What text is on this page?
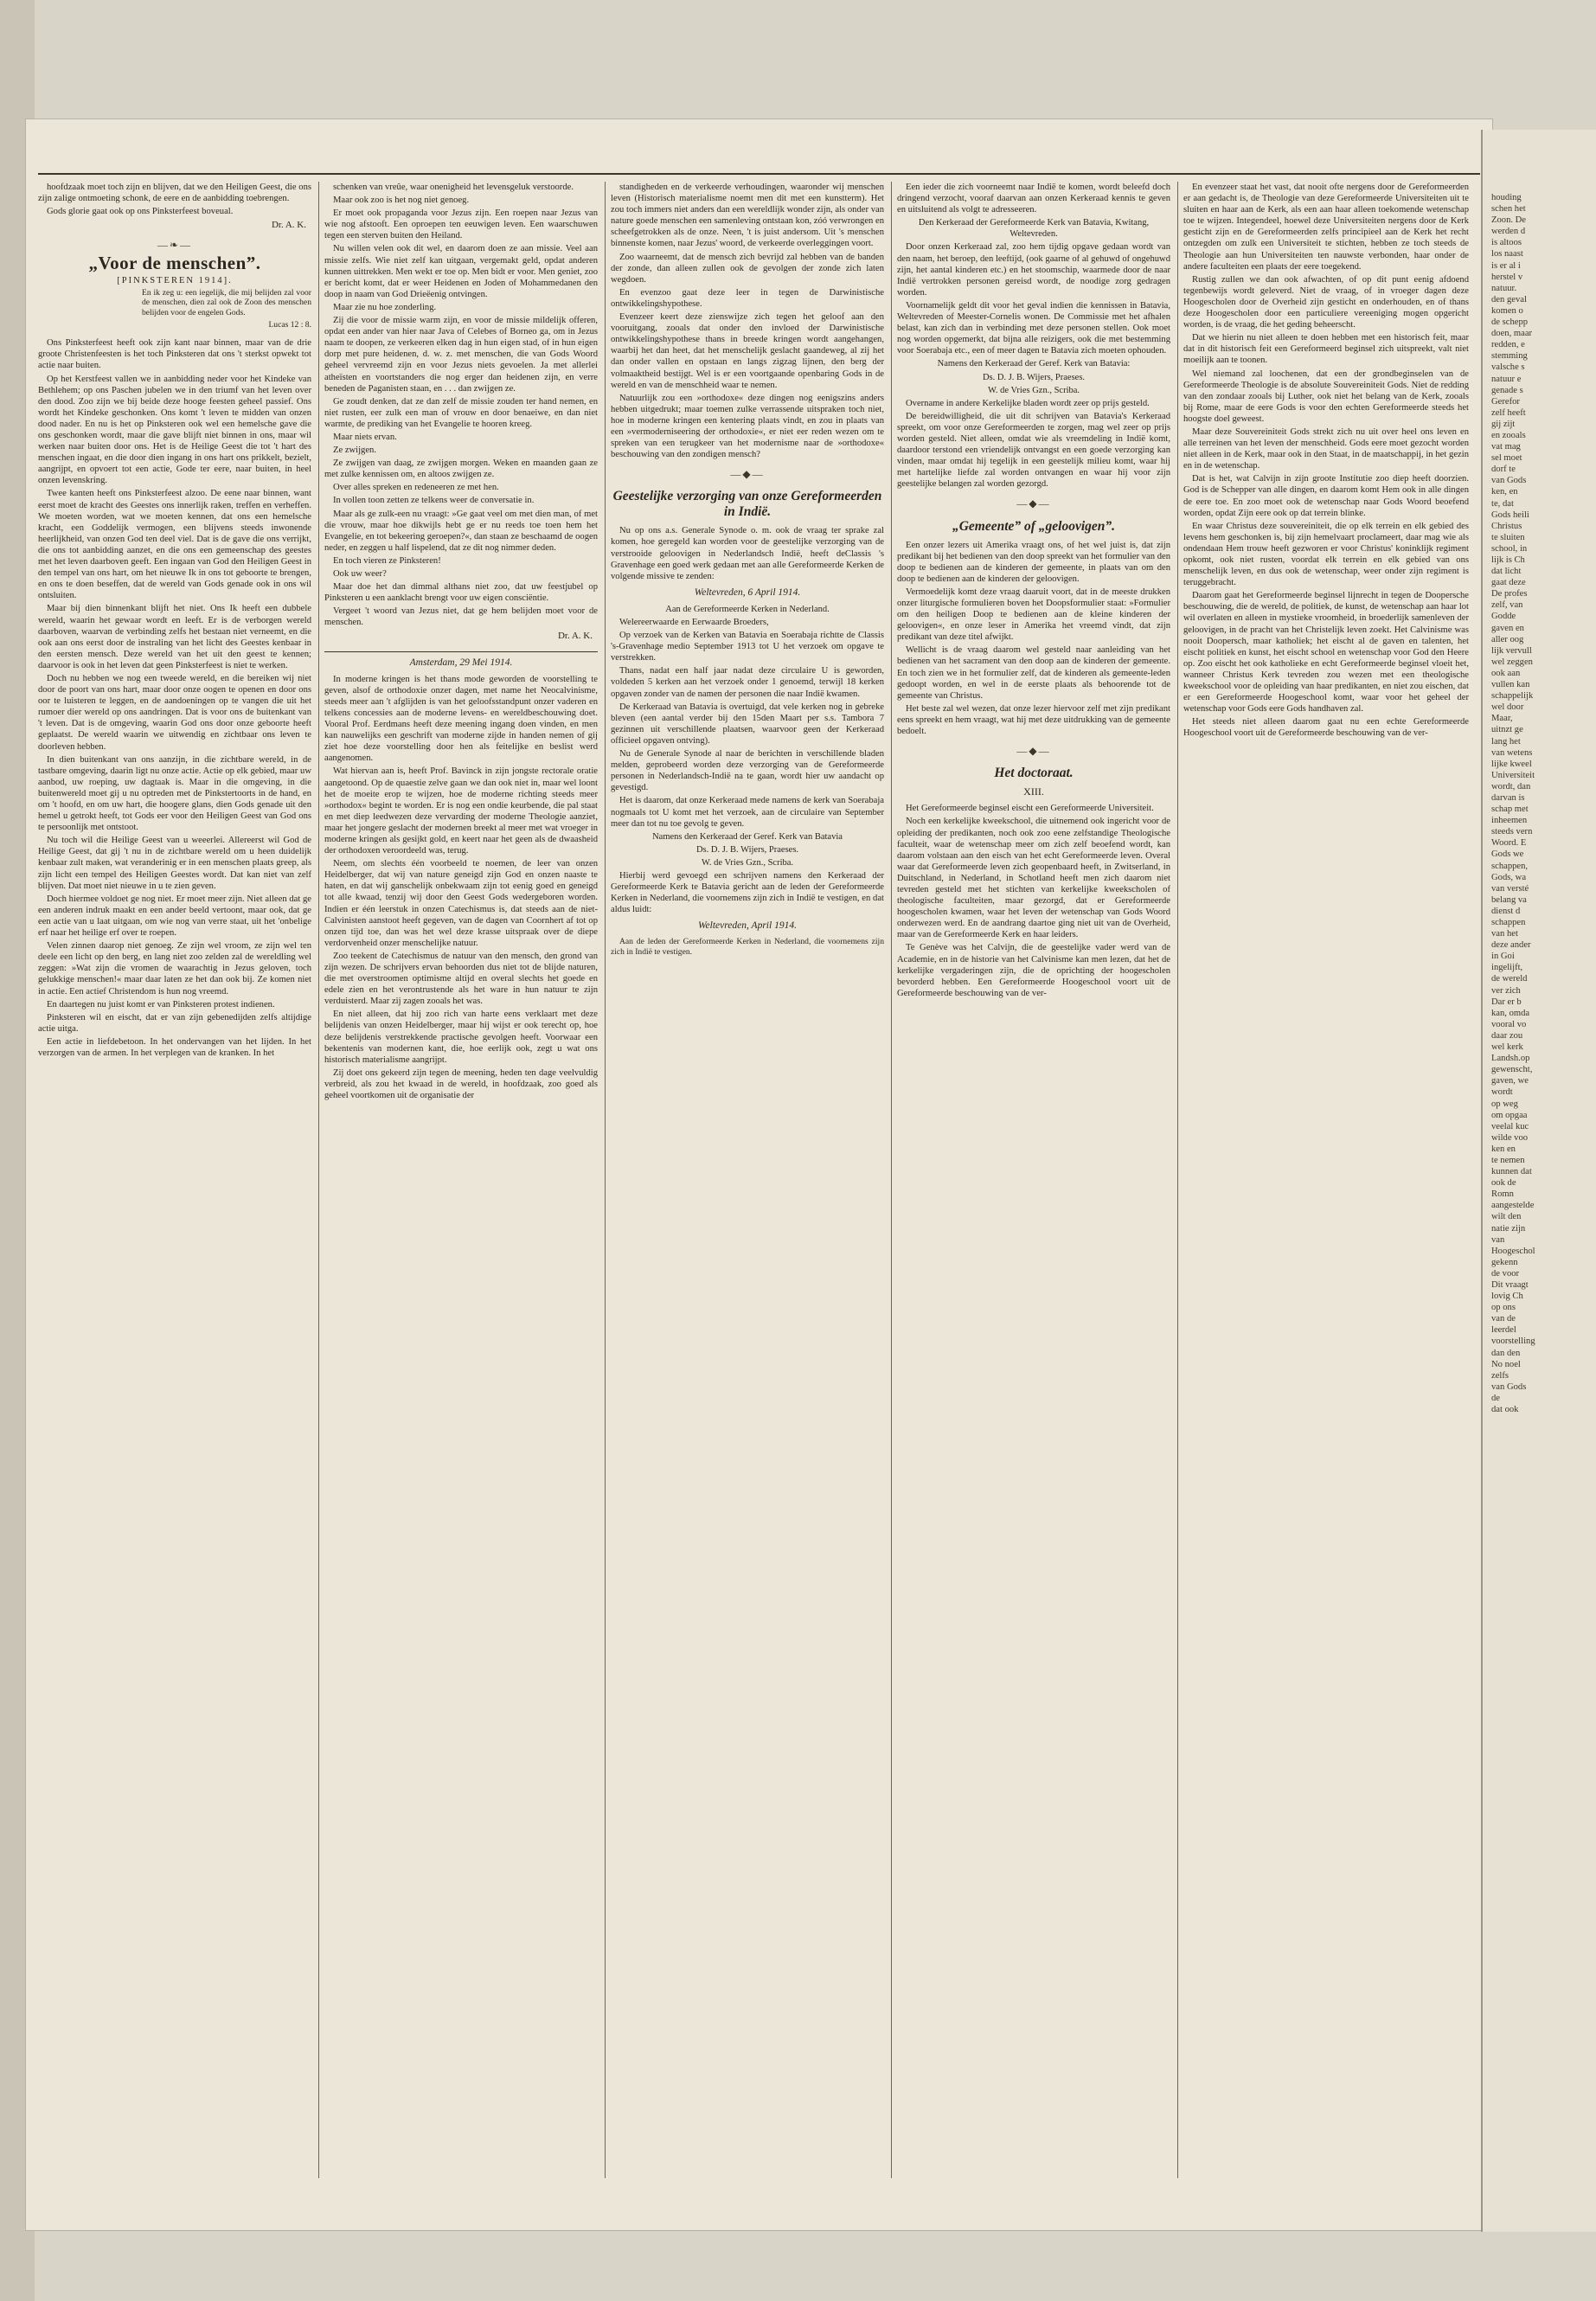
hoofdzaak moet toch zijn en blijven, dat we den Heiligen Geest, die ons zijn zalige ontmoeting schonk, de eere en de aanbidding toebrengen.

Gods glorie gaat ook op ons Pinksterfeest boveual.

Dr. A. K.

—❧—
„Voor de menschen”.

[PINKSTEREN 1914].

En ik zeg u: een iegelijk, die mij belijden zal voor de menschen, dien zal ook de Zoon des menschen belijden voor de engelen Gods.

Lucas 12 : 8.

Ons Pinksterfeest heeft ook zijn kant naar binnen, maar van de drie groote Christenfeesten is het toch Pinksteren dat ons 't sterkst opwekt tot actie naar buiten.

Op het Kerstfeest vallen we in aanbidding neder voor het Kindeke van Bethlehem; op ons Paschen jubelen we in den triumf van het leven over den dood. Zoo zijn we bij beide deze hooge feesten geheel passief. Ons wordt het Kindeke geschonken. Ons komt 't leven te midden van onzen dood nader. En nu is het op Pinksteren ook wel een hemelsche gave die ons geschonken wordt, maar die gave blijft niet binnen in ons, maar wil werken naar buiten door ons. Het is de Heilige Geest die tot 't hart des menschen ingaat, en die door dien ingang in ons hart ons prikkelt, bezielt, aangrijpt, en opvoert tot een actie, Gode ter eere, naar buiten, in heel onzen levenskring.

Twee kanten heeft ons Pinksterfeest alzoo. De eene naar binnen, want eerst moet de kracht des Geestes ons innerlijk raken, treffen en verheffen. We moeten worden, wat we moeten kennen, dat ons een hemelsche kracht, een Goddelijk vermogen, een blijvens steeds inwonende heerlijkheid, van onzen God ten deel viel. Dat is de gave die ons verrijkt, die ons tot aanbidding aanzet, en die ons een gemeenschap des geestes met het leven daarboven geeft. Een ingaan van God den Heiligen Geest in den tempel van ons hart, om het nieuwe Ik in ons tot geboorte te brengen, en ons te doen beseffen, dat de wereld van Gods genade ook in ons wil ontsluiten.

Maar bij dien binnenkant blijft het niet. Ons Ik heeft een dubbele wereld, waarin het gewaar wordt en leeft. Er is de verborgen wereld daarboven, waarvan de verbinding zelfs het bestaan niet verneemt, en die ook aan ons eerst door de instraling van het licht des Geestes kenbaar in den eersten mensch. Deze wereld van het uit den geest te kennen; daarvoor is ook in het leven dat geen Pinksterfeest is niet te werken.

Doch nu hebben we nog een tweede wereld, en die bereiken wij niet door de poort van ons hart, maar door onze oogen te openen en door ons oor te luisteren te leggen, en de aandoeningen op te vangen die uit het rumoer dier wereld op ons aandringen. Dat is voor ons de buitenkant van 't leven. Dat is de omgeving, waarin God ons door onze geboorte heeft geplaatst. De wereld waarin we uitwendig en zichtbaar ons leven te doorleven hebben.

In dien buitenkant van ons aanzijn, in die zichtbare wereld, in de tastbare omgeving, daarin ligt nu onze actie. Actie op elk gebied, maar uw aanbod, uw roeping, uw dagtaak is. Maar in die omgeving, in die buitenwereld moet gij u nu optreden met de Pinkstertoorts in de hand, en om 't hoofd, en om uw hart, die hoogere glans, dien Gods genade uit den hemel u getrokt heeft, tot Gods eer voor den Heiligen Geest van God ons te persoonlijk met ontstoot.

Nu toch wil die Heilige Geest van u weeerlei. Allereerst wil God de Heilige Geest, dat gij 't nu in de zichtbare wereld om u heen duidelijk kenbaar zult maken, wat veranderinig er in een menschen plaats greep, als zijn licht een tempel des Heiligen Geestes wordt. Dat kan niet van zelf blijven. Dat moet niet nieuwe in u te zien geven.

Doch hiermee voldoet ge nog niet. Er moet meer zijn. Niet alleen dat ge een anderen indruk maakt en een ander beeld vertoont, maar ook, dat ge een actie van u laat uitgaan, om wie nog van verre staat, uit het 'onbelige erf naar het heilige erf over te roepen.

Velen zinnen daarop niet genoeg. Ze zijn wel vroom, ze zijn wel ten deele een licht op den berg, en lang niet zoo zelden zal de wereldling wel zeggen: »Wat zijn die vromen de waarachtig in Jezus geloven, toch gelukkige menschen!« maar daar laten ze het dan ook bij. Ze komen niet in actie. Een actief Christendom is hun nog vreemd.

En daartegen nu juist komt er van Pinksteren protest indienen.

Pinksteren wil en eischt, dat er van zijn gebenedijden zelfs altijdige actie uitga.

Een actie in liefdebetoon. In het ondervangen van het lijden. In het verzorgen van de armen. In het verplegen van de kranken. In het

schenken van vreûe, waar onenigheid het levensgeluk verstoorde.

Maar ook zoo is het nog niet genoeg.

Er moet ook propaganda voor Jezus zijn. Een roepen naar Jezus van wie nog afstooft. Een oproepen ten eeuwigen leven. Een waarschuwen tegen een sterven buiten den Heiland.

Nu willen velen ook dit wel, en daarom doen ze aan missie. Veel aan missie zelfs. Wie niet zelf kan uitgaan, vergemakt geld, opdat anderen kunnen uittrekken. Men wekt er toe op. Men bidt er voor. Men geniet, zoo er bericht komt, dat er weer Heidenen en Joden of Mohammedanen den doop in naam van God Drieëenig ontvingen.

Maar zie nu hoe zonderling.

Zij die voor de missie warm zijn, en voor de missie mildelijk offeren, opdat een ander van hier naar Java of Celebes of Borneo ga, om in Jezus naam te doopen, ze verkeeren elken dag in hun eigen stad, of in hun eigen dorp met pure heidenen, d. w. z. met menschen, die van Gods Woord geheel vervreemd zijn en voor Jezus niets gevoelen. Ja met allerlei atheïsten en voortstanders die nog erger dan heidenen zijn, en verre beneden de Paganisten staan, en . . . dan zwijgen ze.

Ge zoudt denken, dat ze dan zelf de missie zouden ter hand nemen, en niet rusten, eer zulk een man of vrouw en door benaeiwe, en dan niet warmte, de prediking van het Evangelie te hooren kreeg.

Maar niets ervan.

Ze zwijgen.

Ze zwijgen van daag, ze zwijgen morgen. Weken en maanden gaan ze met zulke kennissen om, en altoos zwijgen ze.

Over alles spreken en redeneeren ze met hen.

In vollen toon zetten ze telkens weer de conversatie in.

Maar als ge zulk-een nu vraagt: »Ge gaat veel om met dien man, of met die vrouw, maar hoe dikwijls hebt ge er nu reeds toe toen hem het Evangelie, en tot bekeering geroepen?«, dan staan ze beschaamd de oogen neder, en zeggen u half lispelend, dat ze dit nog nimmer deden.

En toch vieren ze Pinksteren!

Ook uw weer?

Maar doe het dan dimmal althans niet zoo, dat uw feestjubel op Pinksteren u een aanklacht brengt voor uw eigen consciëntie.

Vergeet 't woord van Jezus niet, dat ge hem belijden moet voor de menschen.

Dr. A. K.

Amsterdam, 29 Mei 1914.

In moderne kringen is het thans mode geworden de voorstelling te geven, alsof de orthodoxie onzer dagen, met name het Neocalvinisme, steeds meer aan 't afglijden is van het geloofsstandpunt onzer vaderen en telkens concessies aan de moderne levens- en wereldbeschouwing doet. Vooral Prof. Eerdmans heeft deze meening ingang doen vinden, en men kan nauwelijks een geschrift van moderne zijde in handen nemen of gij ziet hoe deze voorstelling door hen als feitelijke en beslist werd aangenomen.

Wat hiervan aan is, heeft Prof. Bavinck in zijn jongste rectorale oratie aangetoond. Op de quaestie zelve gaan we dan ook niet in, maar wel loont het de moeite erop te wijzen, hoe de moderne richting steeds meer »orthodox« begint te worden. Er is nog een ondie keurbende, die pal staat en met diep leedwezen deze vervarding der moderne Theologie aanziet, maar het jongere geslacht der modernen breekt al meer met wat vroeger in moderne kringen als gesijkt gold, en keert naar het geen als de dwaasheid der orthodoxen veroordeeld was, terug.

Neem, om slechts één voorbeeld te noemen, de leer van onzen Heidelberger, dat wij van nature geneigd zijn God en onzen naaste te haten, en dat wij ganschelijk onbekwaam zijn tot eenig goed en geneigd tot alle kwaad, tenzij wij door den Geest Gods wedergeboren worden. Indien er één leerstuk in onzen Catechismus is, dat steeds aan de niet-Calvinisten aanstoot heeft gegeven, van de dagen van Coornhert af tot op onzen tijd toe, dan was het wel deze krasse uitspraak over de diepe verdorvenheid onzer menschelijke natuur.

Zoo teekent de Catechismus de natuur van den mensch, den grond van zijn wezen. De schrijvers ervan behoorden dus niet tot de blijde naturen, die met overstroomen optimisme altijd en overal slechts het goede en edele zien en het verontrustende als het ware in hun natuur te zijn verduisterd. Maar zij zagen zooals het was.

En niet alleen, dat hij zoo rich van harte eens verklaart met deze belijdenis van onzen Heidelberger, maar hij wijst er ook terecht op, hoe deze belijdenis verstrekkende practische gevolgen heeft. Voorwaar een bekentenis van modernen kant, die, hoe eerlijk ook, zegt u wat ons historisch materialisme aangrijpt.

Zij doet ons gekeerd zijn tegen de meening, heden ten dage veelvuldig verbreid, als zou het kwaad in de wereld, in hoofdzaak, zoo goed als geheel voortkomen uit de organisatie der

standigheden en de verkeerde verhoudingen, waaronder wij menschen leven (Historisch materialisme noemt men dit met een kunstterm). Het zou toch immers niet anders dan een wereldlijk wonder zijn, als onder van nature goede menschen een samenleving ontstaan kon, zóó verwrongen en scheefgetrokken als de onze. Neen, 't is juist andersom. Uit 's menschen binnenste komen, naar Jezus' woord, de verkeerde overleggingen voort.

Zoo waarneemt, dat de mensch zich bevrijd zal hebben van de banden der zonde, dan alleen zullen ook de gevolgen der zonde zich laten wegdoen.

En evenzoo gaat deze leer in tegen de Darwinistische ontwikkelingshypothese.

Evenzeer keert deze zienswijze zich tegen het geloof aan den vooruitgang, zooals dat onder den invloed der Darwinistische ontwikkelingshypothese thans in breede kringen wordt aangehangen, waarbij het dan heet, dat het menschelijk geslacht gaandeweg, al zij het dan onder vallen en opstaan en langs zigzag lijnen, den berg der volmaaktheid bestijgt. Wel is er een voortgaande openbaring Gods in de wereld en van de menschheid waar te nemen.

Natuurlijk zou een »orthodoxe« deze dingen nog eenigszins anders hebben uitgedrukt; maar toemen zulke verrassende uitspraken toch niet, hoe in moderne kringen een kentering plaats vindt, en zou in plaats van een »vermoderniseering der orthodoxie«, er niet eer reden wezen om te spreken van een terugkeer van het modernisme naar de »orthodoxe« beschouwing van den zondigen mensch?

—◆—
Geestelijke verzorging van onze Gereformeerden in Indië.

Nu op ons a.s. Generale Synode o. m. ook de vraag ter sprake zal komen, hoe geregeld kan worden voor de geestelijke verzorging van de verstrooide geloovigen in Nederlandsch Indië, heeft deClassis 's Gravenhage een goed werk gedaan met aan alle Gereformeerde Kerken de volgende missive te zenden:

Weltevreden, 6 April 1914.

Aan de Gereformeerde Kerken in Nederland.

Welereerwaarde en Eerwaarde Broeders,

Op verzoek van de Kerken van Batavia en Soerabaja richtte de Classis 's-Gravenhage medio September 1913 tot U het verzoek om opgave te verstrekken.

Thans, nadat een half jaar nadat deze circulaire U is geworden, voldeden 5 kerken aan het verzoek onder 1 genoemd, terwijl 18 kerken opgaven zonder van de namen der personen die naar Indië kwamen.

De Kerkeraad van Batavia is overtuigd, dat vele kerken nog in gebreke bleven (een aantal verder bij den 15den Maart per s.s. Tambora 7 gezinnen uit verschillende plaatsen, waarvoor geen der Kerkeraad officieel opgaven ontving).

Nu de Generale Synode al naar de berichten in verschillende bladen melden, geprobeerd worden deze verzorging van de Gereformeerde personen in Nederlandsch-Indië na te gaan, wordt hier uw aandacht op gevestigd.

Het is daarom, dat onze Kerkeraad mede namens de kerk van Soerabaja nogmaals tot U komt met het verzoek, aan de circulaire van September meer dan tot nu toe gevolg te geven.

Namens den Kerkeraad der Geref. Kerk van Batavia

Ds. D. J. B. Wijers, Praeses.

W. de Vries Gzn., Scriba.

Hierbij werd gevoegd een schrijven namens den Kerkeraad der Gereformeerde Kerk te Batavia gericht aan de leden der Gereformeerde Kerken in Nederland, die voornemens zijn zich in Indië te vestigen, en dat aldus luidt:

Weltevreden, April 1914.

Aan de leden der Gereformeerde Kerken in Nederland, die voornemens zijn zich in Indië te vestigen.

Een ieder die zich voorneemt naar Indië te komen, wordt beleefd doch dringend verzocht, vooraf daarvan aan onzen Kerkeraad kennis te geven en uitsluitend als volgt te adresseeren.

Den Kerkeraad der Gereformeerde Kerk van Batavia, Kwitang, Weltevreden.

Door onzen Kerkeraad zal, zoo hem tijdig opgave gedaan wordt van den naam, het beroep, den leeftijd, (ook gaarne of al gehuwd of ongehuwd zijn, het aantal kinderen etc.) en het stoomschip, waarmede door de naar Indië vertrokken personen gereisd wordt, de noodige zorg gedragen worden.

Voornamelijk geldt dit voor het geval indien die kennissen in Batavia, Weltevreden of Meester-Cornelis wonen. De Commissie met het afhalen belast, kan zich dan in verbinding met deze personen stellen. Ook moet nog worden opgemerkt, dat bijna alle reizigers, ook die met bestemming voor Soerabaja etc., een of meer dagen te Batavia zich moeten ophouden.

Namens den Kerkeraad der Geref. Kerk van Batavia:

Ds. D. J. B. Wijers, Praeses.

W. de Vries Gzn., Scriba.

Overname in andere Kerkelijke bladen wordt zeer op prijs gesteld.

De bereidwilligheid, die uit dit schrijven van Batavia's Kerkeraad spreekt, om voor onze Gereformeerden te zorgen, mag wel zeer op prijs worden gesteld. Niet alleen, omdat wie als vreemdeling in Indië komt, daardoor terstond een vriendelijk ontvangst en een goede verzorging kan vinden, maar omdat hij tegelijk in een geestelijk milieu komt, waar hij met hartelijke liefde zal worden ontvangen en waar hij voor zijn geestelijke belangen zal worden gezorgd.

—◆—
„Gemeente” of „geloovigen”.

Een onzer lezers uit Amerika vraagt ons, of het wel juist is, dat zijn predikant bij het bedienen van den doop spreekt van het formulier van den doop te bedienen aan de kinderen der gemeente, in plaats van om den doop te bedienen aan de kinderen der geloovigen.

Vermoedelijk komt deze vraag daaruit voort, dat in de meeste drukken onzer liturgische formulieren boven het Doopsformulier staat: »Formulier om den heiligen Doop te bedienen aan de kleine kinderen der geloovigen«, en onze leser in Amerika het vreemd vindt, dat zijn predikant van deze titel afwijkt.

Wellicht is de vraag daarom wel gesteld naar aanleiding van het bedienen van het sacrament van den doop aan de kinderen der gemeente. En toch zien we in het formulier zelf, dat de kinderen als gemeente-leden gedoopt worden, en wel in de eerste plaats als behoorende tot de gemeente van Christus.

Het beste zal wel wezen, dat onze lezer hiervoor zelf met zijn predikant eens spreekt en hem vraagt, wat hij met deze uitdrukking van de gemeente bedoelt.

—◆—
Het doctoraat.
XIII.

Het Gereformeerde beginsel eischt een Gereformeerde Universiteit.

Noch een kerkelijke kweekschool, die uitnemend ook ingericht voor de opleiding der predikanten, noch ook zoo eene zelfstandige Theologische faculteit, waar de wetenschap meer om zich zelf beoefend wordt, kan daarom volstaan aan den eisch van het echt Gereformeerde leven. Overal waar dat Gereformeerde leven zich geopenbaard heeft, in Zwitserland, in Duitschland, in Nederland, in Schotland heeft men zich daarom niet tevreden gesteld met het stichten van kerkelijke kweekscholen of theologische faculteiten, maar gezorgd, dat er Gereformeerde hoogescholen kwamen, waar het leven der wetenschap van Gods Woord onderwezen werd. En de aandrang daartoe ging niet uit van de Overheid, maar van de Gereformeerde Kerk en haar leiders.

Te Genève was het Calvijn, die de geestelijke vader werd van de Academie, en in de historie van het Calvinisme kan men lezen, dat het de kerkelijke vergaderingen zijn, die de oprichting der hoogescholen bevorderd hebben. Een Gereformeerde Hoogeschool voort uit de Gereformeerde beschouwing van de ver-

En evenzeer staat het vast, dat nooit ofte nergens door de Gereformeerden er aan gedacht is, de Theologie van deze Gereformeerde Universiteiten uit te sluiten en haar aan de Kerk, als een aan haar alleen toekomende wetenschap toe te wijzen. Integendeel, hoewel deze Universiteiten nergens door de Kerk gesticht zijn en de Gereformeerden zelfs principieel aan de Kerk het recht ontzegden om zulk een Universiteit te stichten, hebben ze toch steeds de Theologie aan hun Universiteiten ten nauwste verbonden, haar onder de andere faculteiten een plaats der eere toegekend.

Rustig zullen we dan ook afwachten, of op dit punt eenig afdoend tegenbewijs wordt geleverd. Niet de vraag, of in vroeger dagen deze Hoogescholen door de Overheid zijn gesticht en onderhouden, en of thans deze Hoogescholen door een particuliere vereeniging mogen opgericht worden, is de vraag, die het geding beheerscht.

Dat we hierin nu niet alleen te doen hebben met een historisch feit, maar dat in dit historisch feit een Gereformeerd beginsel zich uitspreekt, valt niet moeilijk aan te toonen.

Wel niemand zal loochenen, dat een der grondbeginselen van de Gereformeerde Theologie is de absolute Souvereiniteit Gods. Niet de redding van den zondaar zooals bij Luther, ook niet het belang van de Kerk, zooals bij Rome, maar de eere Gods is voor den echten Gereformeerde steeds het hoogste doel geweest.

Maar deze Souvereiniteit Gods strekt zich nu uit over heel ons leven en alle terreinen van het leven der menschheid. Gods eere moet gezocht worden niet alleen in de Kerk, maar ook in den Staat, in de maatschappij, in het gezin en in de wetenschap.

Dat is het, wat Calvijn in zijn groote Institutie zoo diep heeft doorzien. God is de Schepper van alle dingen, en daarom komt Hem ook in alle dingen de eere toe. En zoo moet ook de wetenschap naar Gods Woord beoefend worden, opdat Zijn eere ook op dat terrein blinke.

En waar Christus deze souvereiniteit, die op elk terrein en elk gebied des levens hem geschonken is, bij zijn hemelvaart proclameert, daar mag wie als ondendaan Hem trouw heeft gezworen er voor Christus' koninklijk regiment opkomt, ook niet rusten, voordat elk terrein en elk gebied van ons menschelijk leven, en dus ook de wetenschap, weer onder zijn regiment is teruggebracht.

Daarom gaat het Gereformeerde beginsel lijnrecht in tegen de Doopersche beschouwing, die de wereld, de politiek, de kunst, de wetenschap aan haar lot wil overlaten en alleen in mystieke vroomheid, in broederlijk samenleven der geloovigen, in de pracht van het Christelijk leven zoekt. Het Calvinisme was nooit Doopersch, maar katholiek; het eischt al de gaven en talenten, het eischt politiek en kunst, het eischt school en wetenschap voor God den Heere op. Zoo eischt het ook katholieke en echt Gereformeerde beginsel vloeit het, wanneer Christus Kerk tevreden zou wezen met een theologische kweekschool voor de opleiding van haar predikanten, en niet zou eischen, dat er een Gereformeerde Hoogeschool komt, waar voor het geheel der wetenschap voor Gods eere Gods handhaven zal.

Het steeds niet alleen daarom gaat nu een echte Gereformeerde Hoogeschool voort uit de Gereformeerde beschouwing van de ver-

houding
schen het
Zoon. De
werden d
is altoos
los naast
is er al i
herstel v
natuur.
den geval
komen o
de schepp
doen, maar
redden, e
stemming
valsche s
natuur e
genade s
Gerefor
zelf heeft
gij zijt
en zooals
vat mag
sel moet
dorf te
van Gods
ken, en
te, dat
Gods heili
Christus
te sluiten
school, in
lijk is Ch
dat licht
gaat deze
De profes
zelf, van
Godde
gaven en
aller oog
lijk vervull
wel zeggen
ook aan
vullen kan
schappelijk
wel door
Maar,
uitnzt ge
lang het
van wetens
lijke kweel
Universiteit
wordt, dan
darvan is
schap met
inheemen
steeds vern
Woord. E
Gods we
schappen,
Gods, wa
van versté
belang va
dienst d
schappen
van het
deze ander
in Goi
ingelijft,
de wereld
ver zich
Dar er b
kan, omda
vooral vo
daar zou
wel kerk
Landsh.op
gewenscht,
gaven, we
wordt
op weg
om opgaa
veelal kuc
wilde voo
ken en
te nemen
kunnen dat
ook de
Romn
aangestelde
wilt den
natie zijn
van
Hoogeschol
gekenn
de voor
Dit vraagt
lovig Ch
op ons
van de
leerdel
voorstelling
dan den
No noel
zelfs
van Gods
de
dat ook
